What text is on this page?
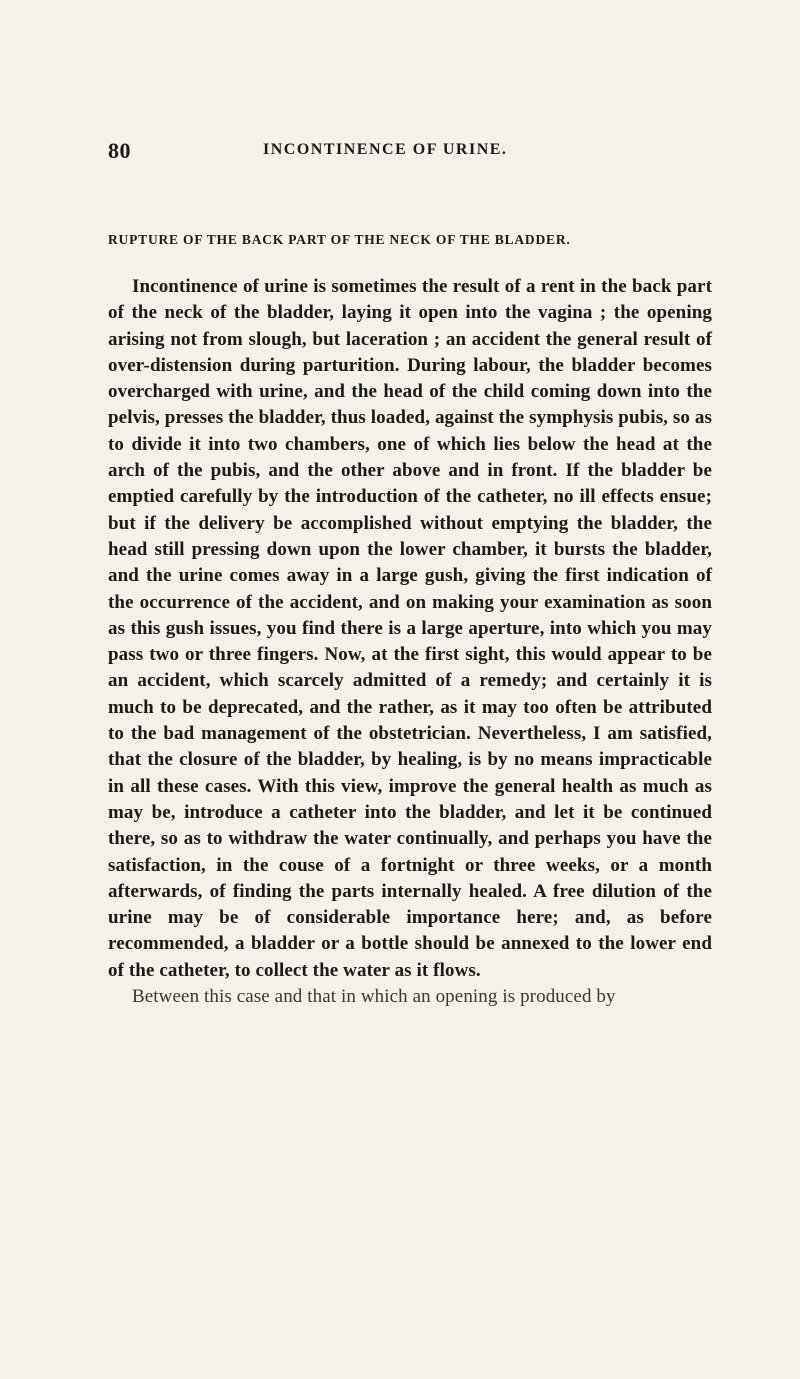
80	INCONTINENCE OF URINE.
RUPTURE OF THE BACK PART OF THE NECK OF THE BLADDER.

Incontinence of urine is sometimes the result of a rent in the back part of the neck of the bladder, laying it open into the vagina ; the opening arising not from slough, but laceration ; an accident the general result of over-distension during parturition. During labour, the bladder becomes overcharged with urine, and the head of the child coming down into the pelvis, presses the bladder, thus loaded, against the symphysis pubis, so as to divide it into two chambers, one of which lies below the head at the arch of the pubis, and the other above and in front. If the bladder be emptied carefully by the introduction of the catheter, no ill effects ensue; but if the delivery be accomplished without emptying the bladder, the head still pressing down upon the lower chamber, it bursts the bladder, and the urine comes away in a large gush, giving the first indication of the occurrence of the accident, and on making your examination as soon as this gush issues, you find there is a large aperture, into which you may pass two or three fingers. Now, at the first sight, this would appear to be an accident, which scarcely admitted of a remedy; and certainly it is much to be deprecated, and the rather, as it may too often be attributed to the bad management of the obstetrician. Nevertheless, I am satisfied, that the closure of the bladder, by healing, is by no means impracticable in all these cases. With this view, improve the general health as much as may be, introduce a catheter into the bladder, and let it be continued there, so as to withdraw the water continually, and perhaps you have the satisfaction, in the couse of a fortnight or three weeks, or a month afterwards, of finding the parts internally healed. A free dilution of the urine may be of considerable importance here; and, as before recommended, a bladder or a bottle should be annexed to the lower end of the catheter, to collect the water as it flows.

Between this case and that in which an opening is produced by
